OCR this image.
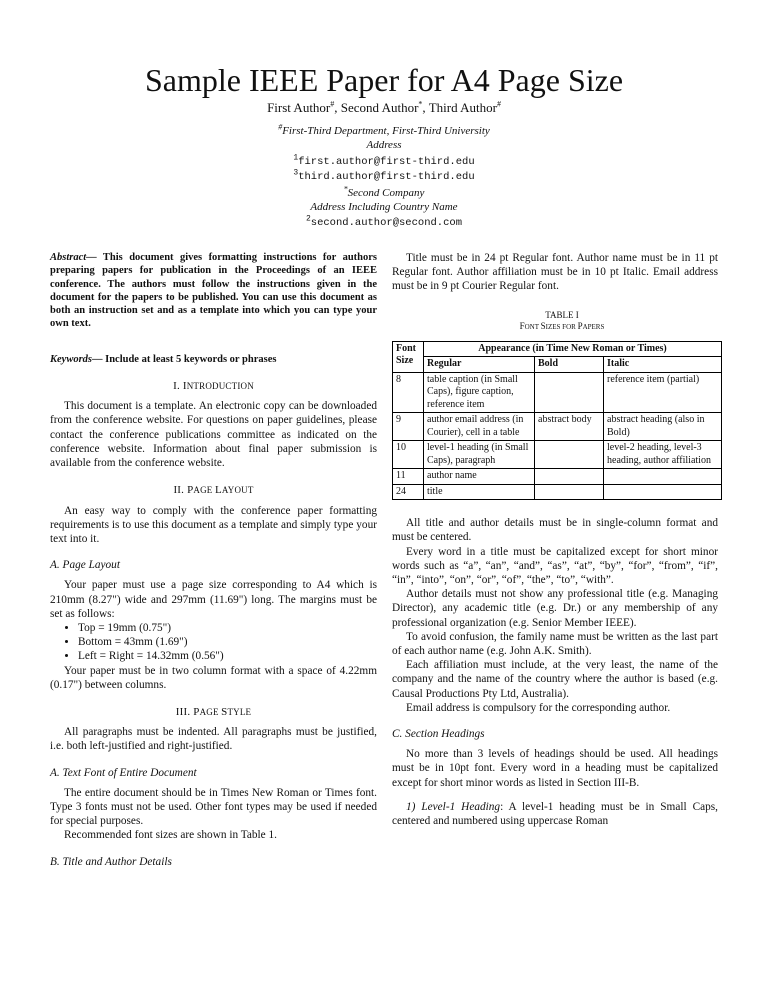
Sample IEEE Paper for A4 Page Size
First Author#, Second Author*, Third Author#
#First-Third Department, First-Third University
Address
$^1$first.author@first-third.edu
$^3$third.author@first-third.edu
*Second Company
Address Including Country Name
$^2$second.author@second.com

Abstract— This document gives formatting instructions for authors preparing papers for publication in the Proceedings of an IEEE conference. The authors must follow the instructions given in the document for the papers to be published. You can use this document as both an instruction set and as a template into which you can type your own text.

Keywords— Include at least 5 keywords or phrases

I. INTRODUCTION

This document is a template. An electronic copy can be downloaded from the conference website. For questions on paper guidelines, please contact the conference publications committee as indicated on the conference website. Information about final paper submission is available from the conference website.

II. PAGE LAYOUT

An easy way to comply with the conference paper formatting requirements is to use this document as a template and simply type your text into it.

A. Page Layout

Your paper must use a page size corresponding to A4 which is 210mm (8.27") wide and 297mm (11.69") long. The margins must be set as follows:

• Top = 19mm (0.75")
• Bottom = 43mm (1.69")
• Left = Right = 14.32mm (0.56")

Your paper must be in two column format with a space of 4.22mm (0.17") between columns.

III. PAGE STYLE

All paragraphs must be indented. All paragraphs must be justified, i.e. both left-justified and right-justified.

A. Text Font of Entire Document

The entire document should be in Times New Roman or Times font. Type 3 fonts must not be used. Other font types may be used if needed for special purposes.

Recommended font sizes are shown in Table 1.

B. Title and Author Details

Title must be in 24 pt Regular font. Author name must be in 11 pt Regular font. Author affiliation must be in 10 pt Italic. Email address must be in 9 pt Courier Regular font.

TABLE I

FONT SIZES FOR PAPERS

Font Size	Appearance (in Time New Roman or Times)		
	Regular	Bold	Italic
8	table caption (in Small Caps), figure caption, reference item		reference item (partial)
9	author email address (in Courier), cell in a table	abstract body	abstract heading (also in Bold)
10	level-1 heading (in Small Caps), paragraph		level-2 heading, level-3 heading, author affiliation
11	author name		
24	title		

All title and author details must be in single-column format and must be centered.

Every word in a title must be capitalized except for short minor words such as “a”, “an”, “and”, “as”, “at”, “by”, “for”, “from”, “if”, “in”, “into”, “on”, “or”, “of”, “the”, “to”, “with”.

Author details must not show any professional title (e.g. Managing Director), any academic title (e.g. Dr.) or any membership of any professional organization (e.g. Senior Member IEEE).

To avoid confusion, the family name must be written as the last part of each author name (e.g. John A.K. Smith).

Each affiliation must include, at the very least, the name of the company and the name of the country where the author is based (e.g. Causal Productions Pty Ltd, Australia).

Email address is compulsory for the corresponding author.

C. Section Headings

No more than 3 levels of headings should be used. All headings must be in 10pt font. Every word in a heading must be capitalized except for short minor words as listed in Section III-B.

1) Level-1 Heading: A level-1 heading must be in Small Caps, centered and numbered using uppercase Roman
